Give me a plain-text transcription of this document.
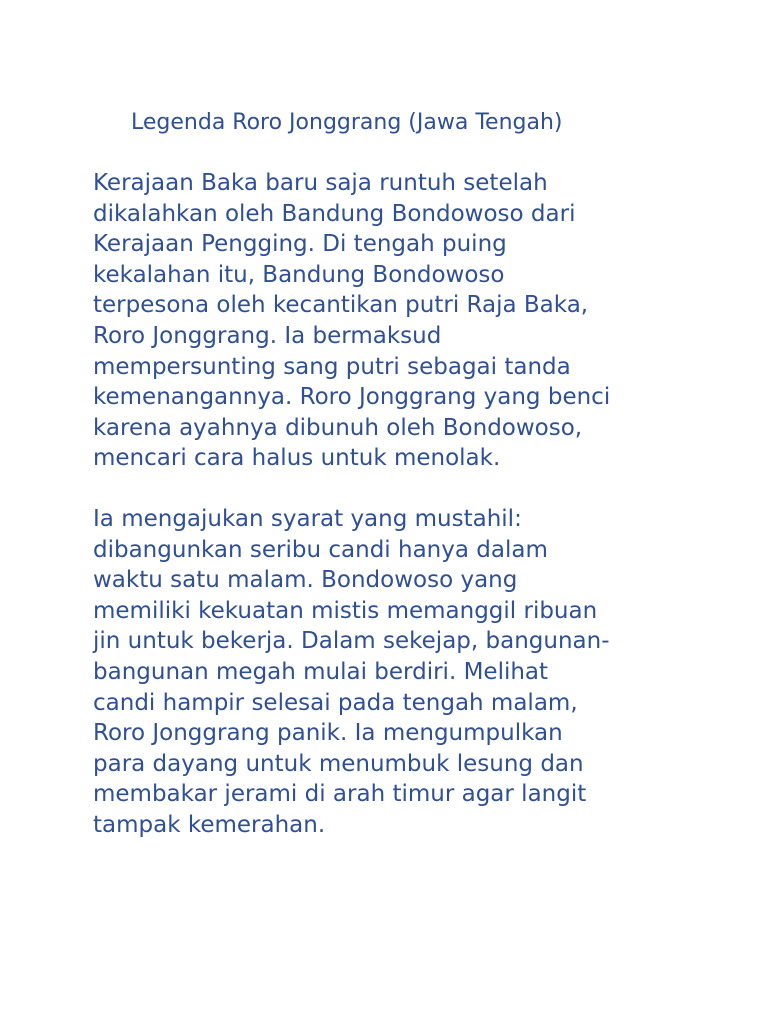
Legenda Roro Jonggrang (Jawa Tengah)

Kerajaan Baka baru saja runtuh setelah
dikalahkan oleh Bandung Bondowoso dari
Kerajaan Pengging. Di tengah puing
kekalahan itu, Bandung Bondowoso
terpesona oleh kecantikan putri Raja Baka,
Roro Jonggrang. Ia bermaksud
mempersunting sang putri sebagai tanda
kemenangannya. Roro Jonggrang yang benci
karena ayahnya dibunuh oleh Bondowoso,
mencari cara halus untuk menolak.

Ia mengajukan syarat yang mustahil:
dibangunkan seribu candi hanya dalam
waktu satu malam. Bondowoso yang
memiliki kekuatan mistis memanggil ribuan
jin untuk bekerja. Dalam sekejap, bangunan-
bangunan megah mulai berdiri. Melihat
candi hampir selesai pada tengah malam,
Roro Jonggrang panik. Ia mengumpulkan
para dayang untuk menumbuk lesung dan
membakar jerami di arah timur agar langit
tampak kemerahan.
